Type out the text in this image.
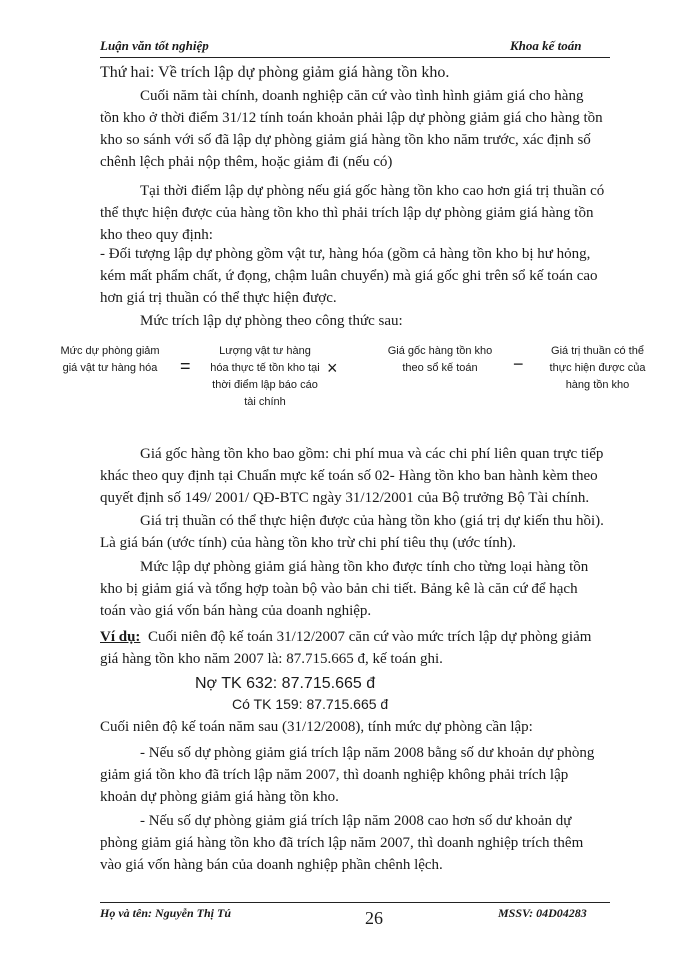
Luận văn tốt nghiệp	Khoa kế toán
Thứ hai: Về trích lập dự phòng giảm giá hàng tồn kho.
Cuối năm tài chính, doanh nghiệp căn cứ vào tình hình giảm giá cho hàng
tồn kho ở thời điểm 31/12 tính toán khoản phải lập dự phòng giảm giá cho hàng tồn
kho so sánh với số đã lập dự phòng giảm giá hàng tồn kho năm trước, xác định số
chênh lệch phải nộp thêm, hoặc giảm đi (nếu có)
Tại thời điểm lập dự phòng nếu giá gốc hàng tồn kho cao hơn giá trị thuần có
thể thực hiện được của hàng tồn kho thì phải trích lập dự phòng giảm giá hàng tồn
kho theo quy định:
- Đối tượng lập dự phòng gồm vật tư, hàng hóa (gồm cả hàng tồn kho bị hư hỏng,
kém mất phẩm chất, ứ đọng, chậm luân chuyển) mà giá gốc ghi trên sổ kế toán cao
hơn giá trị thuần có thể thực hiện được.
Mức trích lập dự phòng theo công thức sau:
Mức dự phòng giảm
giá vật tư hàng hóa	=
Lượng vật tư hàng
hóa thực tế tồn kho tại
thời điểm lập báo cáo
tài chính
×
Giá gốc hàng tồn kho
theo sổ kế toán	−
Giá trị thuần có thể
thực hiện được của
hàng tồn kho
Giá gốc hàng tồn kho bao gồm: chi phí mua và các chi phí liên quan trực tiếp
khác theo quy định tại Chuẩn mực kế toán số 02- Hàng tồn kho ban hành kèm theo
quyết định số 149/ 2001/ QĐ-BTC ngày 31/12/2001 của Bộ trưởng Bộ Tài chính.
Giá trị thuần có thể thực hiện được của hàng tồn kho (giá trị dự kiến thu hồi).
Là giá bán (ước tính) của hàng tồn kho trừ chi phí tiêu thụ (ước tính).
Mức lập dự phòng giảm giá hàng tồn kho được tính cho từng loại hàng tồn
kho bị giảm giá và tổng hợp toàn bộ vào bản chi tiết. Bảng kê là căn cứ để hạch
toán vào giá vốn bán hàng của doanh nghiệp.
Ví dụ: Cuối niên độ kế toán 31/12/2007 căn cứ vào mức trích lập dự phòng giảm
giá hàng tồn kho năm 2007 là: 87.715.665 đ, kế toán ghi.
Nợ TK 632: 87.715.665 đ
Có TK 159: 87.715.665 đ
Cuối niên độ kế toán năm sau (31/12/2008), tính mức dự phòng cần lập:
- Nếu số dự phòng giảm giá trích lập năm 2008 bằng số dư khoản dự phòng
giảm giá tồn kho đã trích lập năm 2007, thì doanh nghiệp không phải trích lập
khoản dự phòng giảm giá hàng tồn kho.
- Nếu số dự phòng giảm giá trích lập năm 2008 cao hơn số dư khoản dự
phòng giảm giá hàng tồn kho đã trích lập năm 2007, thì doanh nghiệp trích thêm
vào giá vốn hàng bán của doanh nghiệp phần chênh lệch.
Họ và tên: Nguyễn Thị Tú	26	MSSV: 04D04283
